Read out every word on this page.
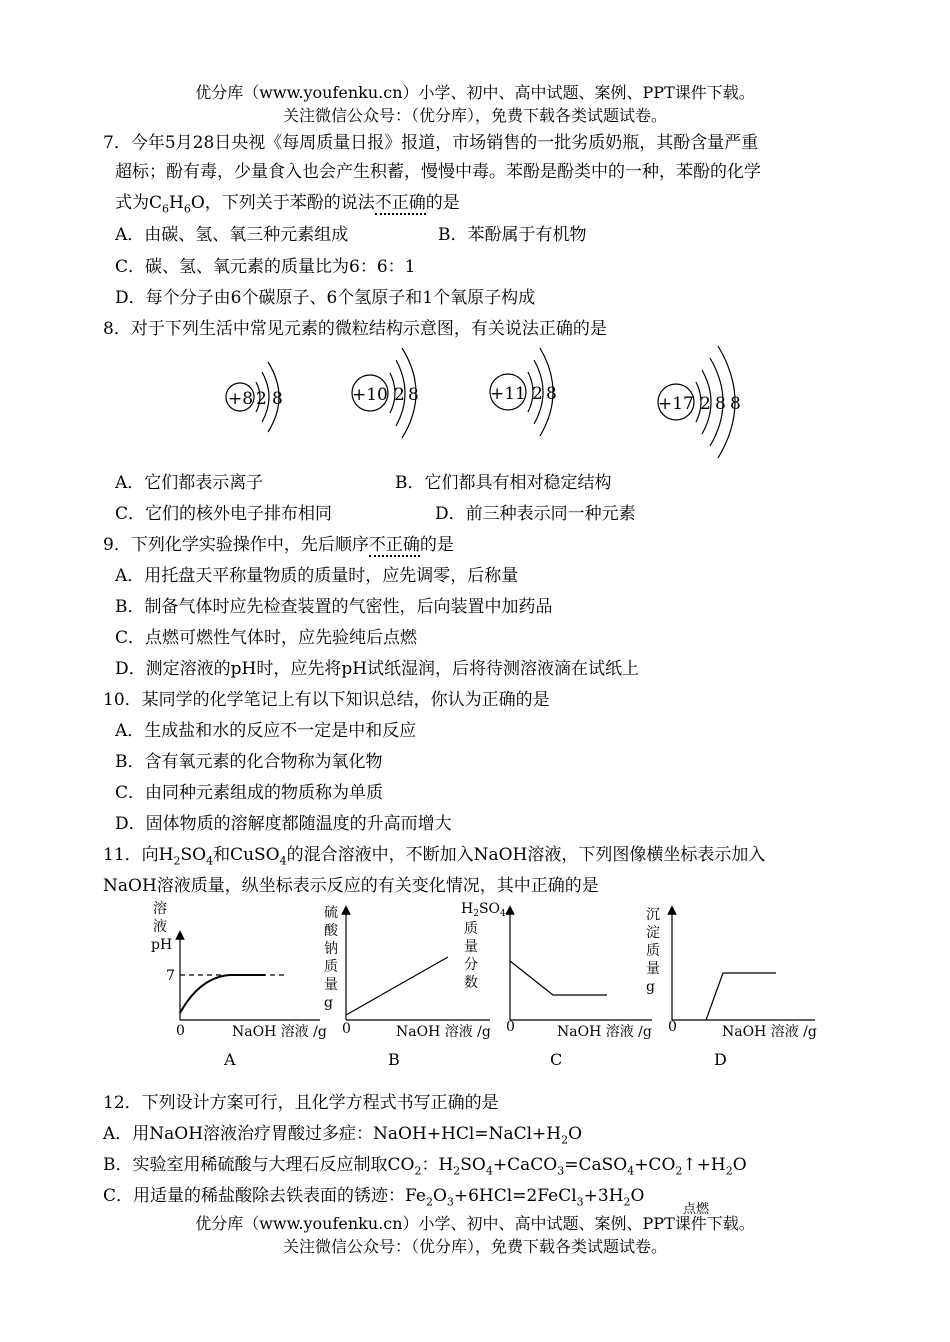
优分库（www.youfenku.cn）小学、初中、高中试题、案例、PPT课件下载。
关注微信公众号：（优分库），免费下载各类试题试卷。
7．今年5月28日央视《每周质量日报》报道，市场销售的一批劣质奶瓶，其酚含量严重
超标；酚有毒，少量食入也会产生积蓄，慢慢中毒。苯酚是酚类中的一种，苯酚的化学
式为$C_6H_6O$，下列关于苯酚的说法不正确的是
A．由碳、氢、氧三种元素组成	B．苯酚属于有机物
C．碳、氢、氧元素的质量比为6：6：1
D．每个分子由6个碳原子、6个氢原子和1个氧原子构成
8．对于下列生活中常见元素的微粒结构示意图，有关说法正确的是
+8 2 8	+10 2 8	+11 2 8	+17 2 8 8
A．它们都表示离子	B．它们都具有相对稳定结构
C．它们的核外电子排布相同	D．前三种表示同一种元素
9．下列化学实验操作中，先后顺序不正确的是
A．用托盘天平称量物质的质量时，应先调零，后称量
B．制备气体时应先检查装置的气密性，后向装置中加药品
C．点燃可燃性气体时，应先验纯后点燃
D．测定溶液的pH时，应先将pH试纸湿润，后将待测溶液滴在试纸上
10．某同学的化学笔记上有以下知识总结，你认为正确的是
A．生成盐和水的反应不一定是中和反应
B．含有氧元素的化合物称为氧化物
C．由同种元素组成的物质称为单质
D．固体物质的溶解度都随温度的升高而增大
11．向$H_2SO_4$和CuSO$_4$的混合溶液中，不断加入NaOH溶液，下列图像横坐标表示加入
NaOH溶液质量，纵坐标表示反应的有关变化情况，其中正确的是
溶
液
pH
7
0	NaOH 溶液 /g
A
硫
酸
钠
质
量
g
0	NaOH 溶液 /g
B
$H_2SO_4$
质
量
分
数
0	NaOH 溶液 /g
C
沉
淀
质
量
g
0	NaOH 溶液 /g
D
12．下列设计方案可行，且化学方程式书写正确的是
A．用NaOH溶液治疗胃酸过多症：$NaOH+HCl=NaCl+H_2O$
B．实验室用稀硫酸与大理石反应制取$CO_2$：$H_2SO_4+CaCO_3=CaSO_4+CO_2↑+H_2O$
C．用适量的稀盐酸除去铁表面的锈迹：$Fe_2O_3+6HCl=2FeCl_3+3H_2O$
点燃
优分库（www.youfenku.cn）小学、初中、高中试题、案例、PPT课件下载。
关注微信公众号：（优分库），免费下载各类试题试卷。
